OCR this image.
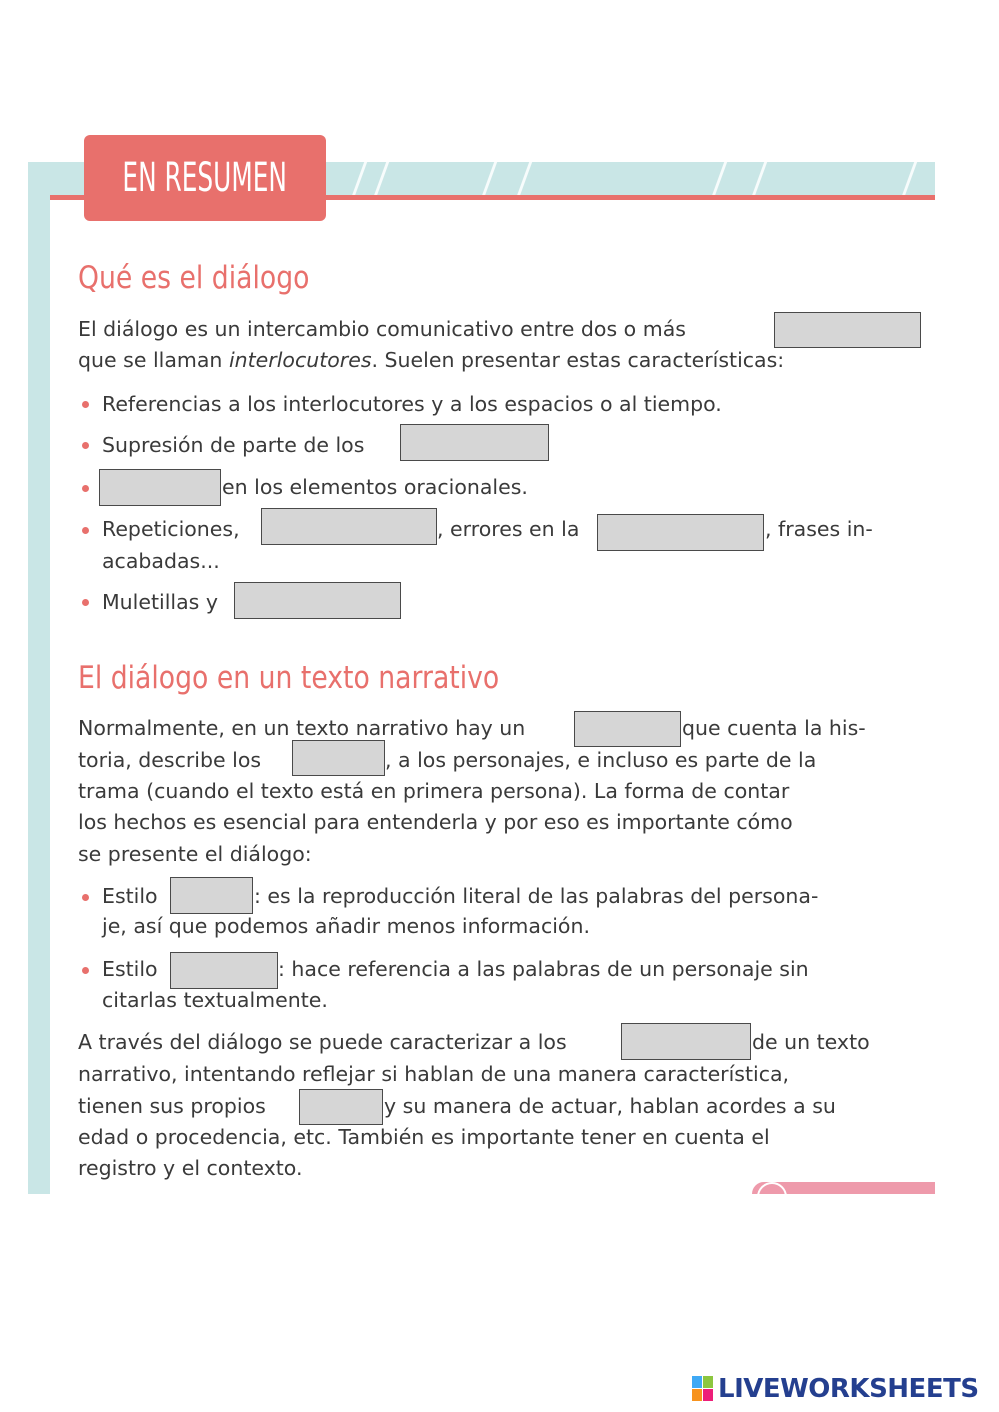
EN RESUMEN
Qué es el diálogo
El diálogo es un intercambio comunicativo entre dos o más
que se llaman interlocutores. Suelen presentar estas características:
Referencias a los interlocutores y a los espacios o al tiempo.
Supresión de parte de los
en los elementos oracionales.
Repeticiones,	, errores en la	, frases in-
acabadas...
Muletillas y
El diálogo en un texto narrativo
Normalmente, en un texto narrativo hay un	que cuenta la his-
toria, describe los	, a los personajes, e incluso es parte de la
trama (cuando el texto está en primera persona). La forma de contar
los hechos es esencial para entenderla y por eso es importante cómo
se presente el diálogo:
Estilo	: es la reproducción literal de las palabras del persona-
je, así que podemos añadir menos información.
Estilo	: hace referencia a las palabras de un personaje sin
citarlas textualmente.
A través del diálogo se puede caracterizar a los	de un texto
narrativo, intentando reflejar si hablan de una manera característica,
tienen sus propios	y su manera de actuar, hablan acordes a su
edad o procedencia, etc. También es importante tener en cuenta el
registro y el contexto.
LIVEWORKSHEETS
